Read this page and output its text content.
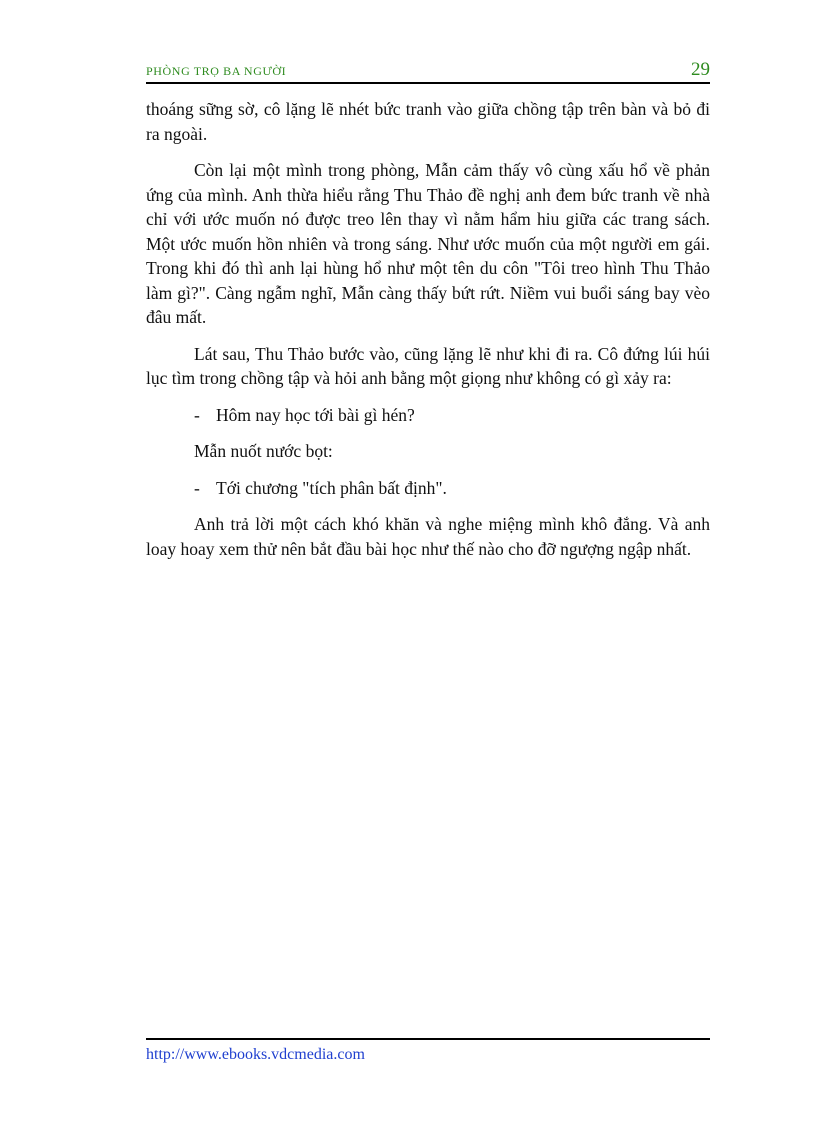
PHÒNG TRỌ BA NGƯỜI	29

thoáng sững sờ, cô lặng lẽ nhét bức tranh vào giữa chồng tập trên bàn và bỏ đi ra ngoài.

Còn lại một mình trong phòng, Mẫn cảm thấy vô cùng xấu hổ về phản ứng của mình. Anh thừa hiểu rằng Thu Thảo đề nghị anh đem bức tranh về nhà chỉ với ước muốn nó được treo lên thay vì nằm hẩm hiu giữa các trang sách. Một ước muốn hồn nhiên và trong sáng. Như ước muốn của một người em gái. Trong khi đó thì anh lại hùng hổ như một tên du côn "Tôi treo hình Thu Thảo làm gì?". Càng ngẫm nghĩ, Mẫn càng thấy bứt rứt. Niềm vui buổi sáng bay vèo đâu mất.

Lát sau, Thu Thảo bước vào, cũng lặng lẽ như khi đi ra. Cô đứng lúi húi lục tìm trong chồng tập và hỏi anh bằng một giọng như không có gì xảy ra:

- Hôm nay học tới bài gì hén?

Mẫn nuốt nước bọt:

- Tới chương "tích phân bất định".

Anh trả lời một cách khó khăn và nghe miệng mình khô đắng. Và anh loay hoay xem thử nên bắt đầu bài học như thế nào cho đỡ ngượng ngập nhất.

http://www.ebooks.vdcmedia.com
